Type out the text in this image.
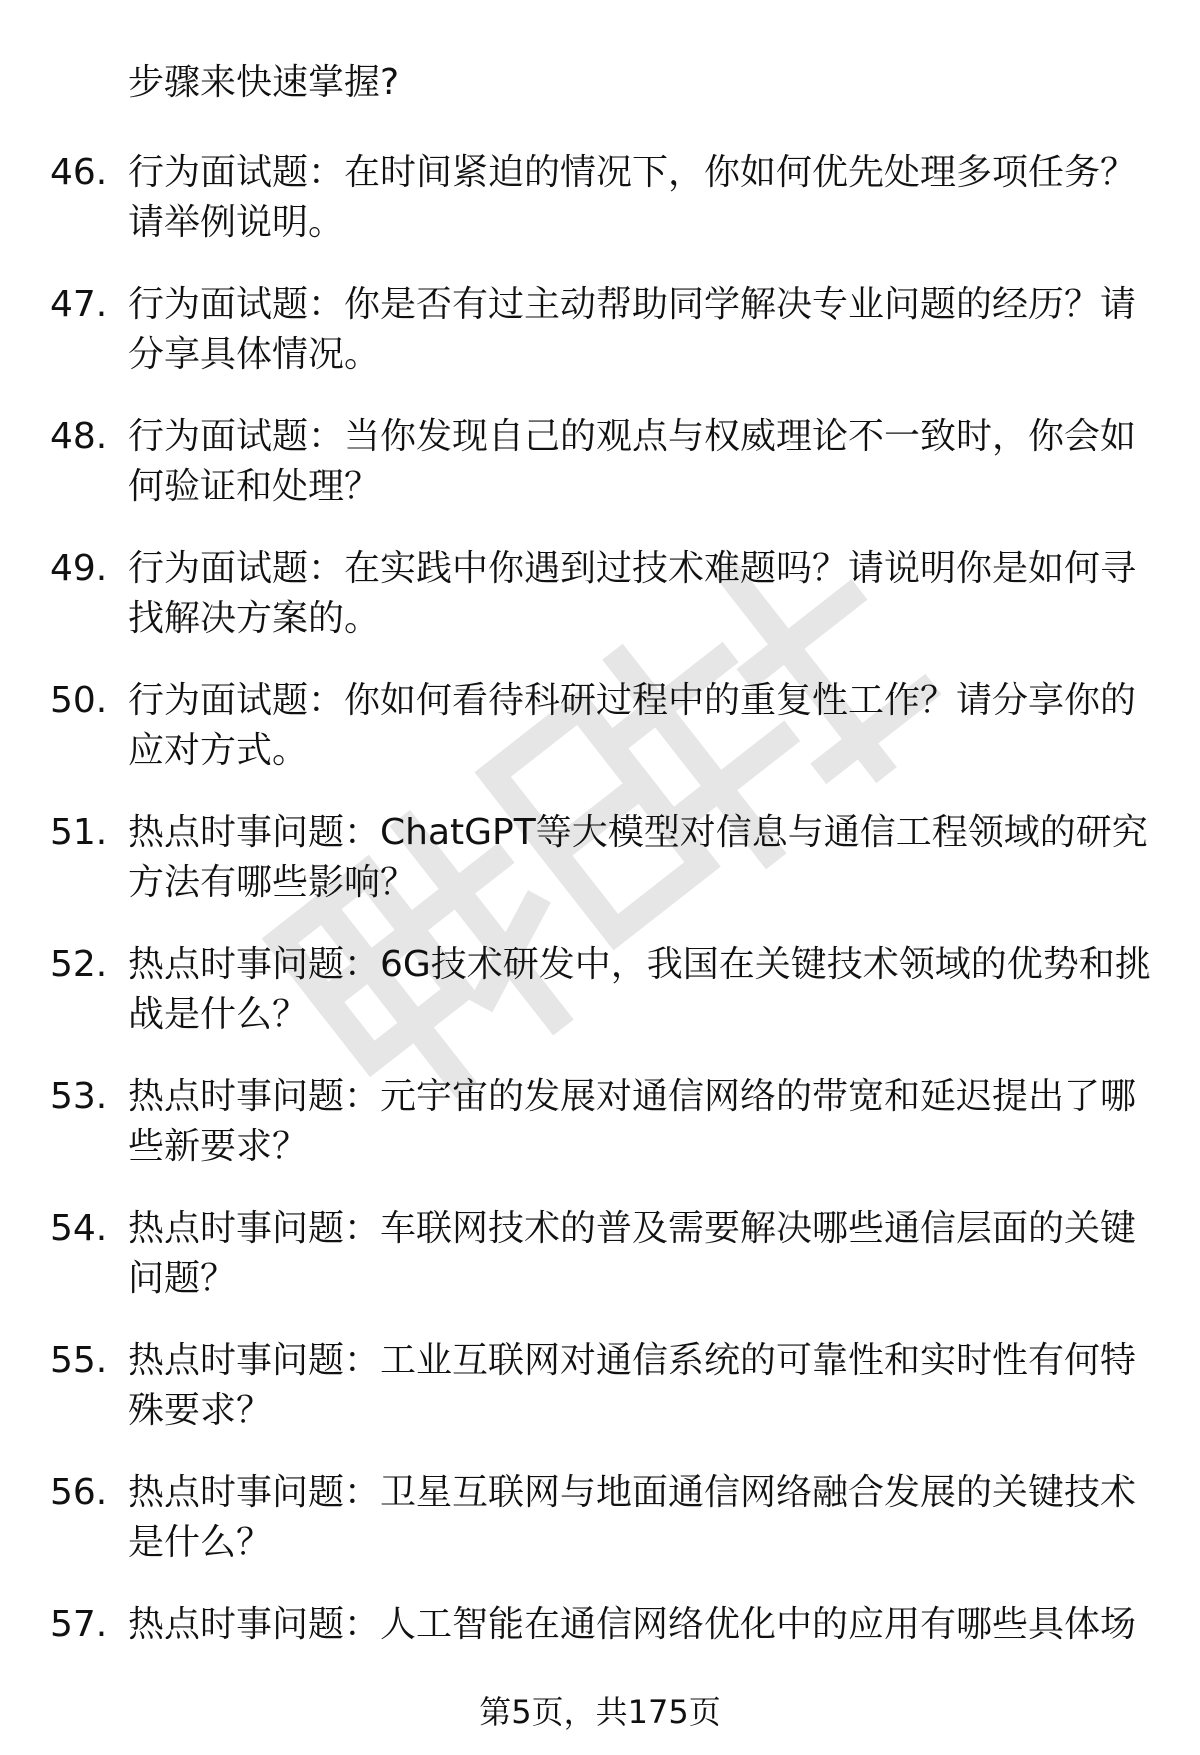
步骤来快速掌握?
46. 行为面试题：在时间紧迫的情况下，你如何优先处理多项任务？
请举例说明。
47. 行为面试题：你是否有过主动帮助同学解决专业问题的经历？请
分享具体情况。
48. 行为面试题：当你发现自己的观点与权威理论不一致时，你会如
何验证和处理？
49. 行为面试题：在实践中你遇到过技术难题吗？请说明你是如何寻
找解决方案的。
50. 行为面试题：你如何看待科研过程中的重复性工作？请分享你的
应对方式。
51. 热点时事问题：ChatGPT等大模型对信息与通信工程领域的研究
方法有哪些影响？
52. 热点时事问题：6G技术研发中，我国在关键技术领域的优势和挑
战是什么？
53. 热点时事问题：元宇宙的发展对通信网络的带宽和延迟提出了哪
些新要求？
54. 热点时事问题：车联网技术的普及需要解决哪些通信层面的关键
问题？
55. 热点时事问题：工业互联网对通信系统的可靠性和实时性有何特
殊要求？
56. 热点时事问题：卫星互联网与地面通信网络融合发展的关键技术
是什么？
57. 热点时事问题：人工智能在通信网络优化中的应用有哪些具体场
第5页，共175页
